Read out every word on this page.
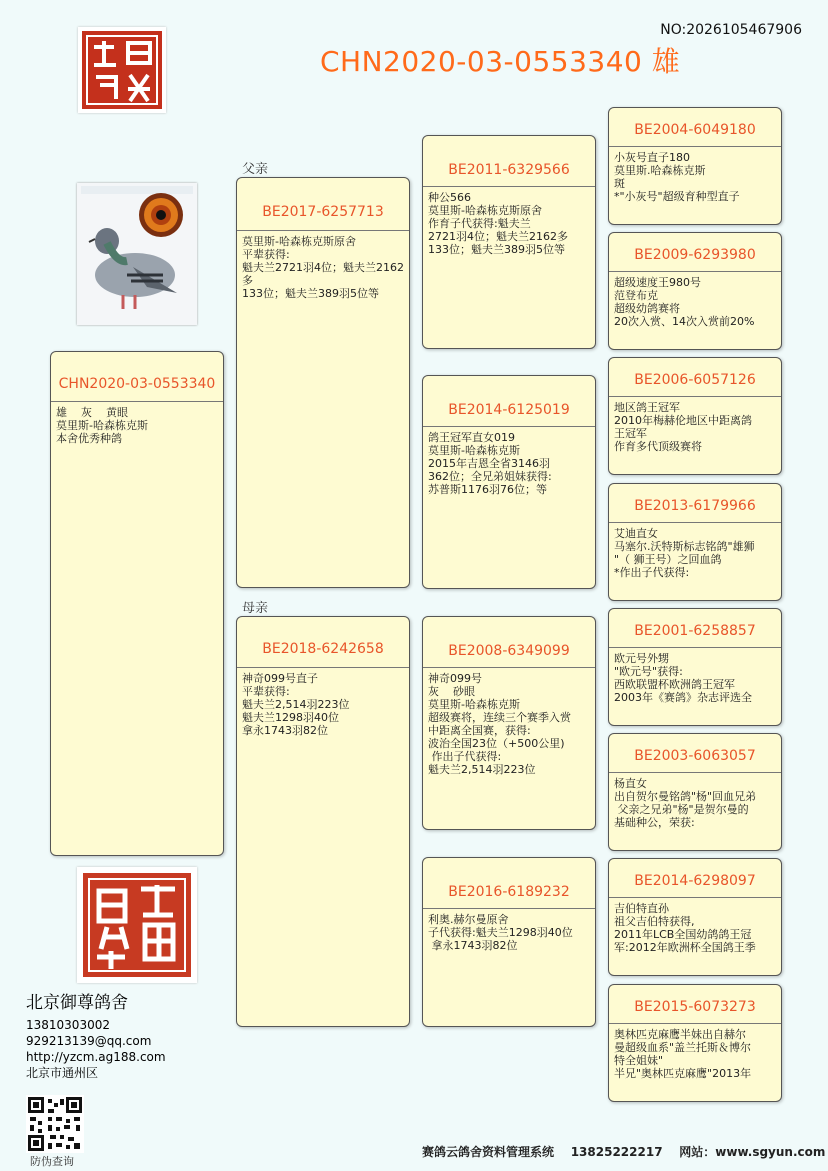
NO:2026105467906
CHN2020-03-0553340 雄
父亲
母亲
CHN2020-03-0553340
雄    灰    黄眼
莫里斯-哈森栋克斯
本舍优秀种鸽
BE2017-6257713
莫里斯-哈森栋克斯原舍
平辈获得:
魁夫兰2721羽4位；魁夫兰2162多
133位；魁夫兰389羽5位等
BE2018-6242658
神奇099号直子
平辈获得:
魁夫兰2,514羽223位
魁夫兰1298羽40位
拿永1743羽82位
BE2011-6329566
种公566
莫里斯-哈森栋克斯原舍
作育子代获得:魁夫兰
2721羽4位；魁夫兰2162多
133位；魁夫兰389羽5位等
BE2014-6125019
鸽王冠军直女019
莫里斯-哈森栋克斯
2015年吉恩全省3146羽
362位；全兄弟姐妹获得:
苏普斯1176羽76位；等
BE2008-6349099
神奇099号
灰    砂眼
莫里斯-哈森栋克斯
超级赛将，连续三个赛季入赏
中距离全国赛，获得:
波治全国23位（+500公里)
作出子代获得:
魁夫兰2,514羽223位
BE2016-6189232
利奥.赫尔曼原舍
子代获得:魁夫兰1298羽40位
拿永1743羽82位
BE2004-6049180
小灰号直子180
莫里斯.哈森栋克斯
斑
*"小灰号"超级育种型直子
BE2009-6293980
超级速度王980号
范登布克
超级幼鸽赛将
20次入赏、14次入赏前20%
BE2006-6057126
地区鸽王冠军
2010年梅赫伦地区中距离鸽
王冠军
作育多代顶级赛将
BE2013-6179966
艾迪直女
马塞尔.沃特斯标志铭鸽"雄狮
"（ 狮王号）之回血鸽
*作出子代获得:
BE2001-6258857
欧元号外甥
"欧元号"获得:
西欧联盟杯欧洲鸽王冠军
2003年《赛鸽》杂志评选全
BE2003-6063057
杨直女
出自贺尔曼铭鸽"杨"回血兄弟
父亲之兄弟"杨"是贺尔曼的
基础种公，荣获:
BE2014-6298097
吉伯特直孙
祖父吉伯特获得,
2011年LCB全国幼鸽鸽王冠
军:2012年欧洲杯全国鸽王季
BE2015-6073273
奥林匹克麻鹰半妹出自赫尔
曼超级血系"盖兰托斯＆博尔
特全姐妹"
半兄"奥林匹克麻鹰"2013年
北京御尊鸽舍
13810303002
929213139@qq.com
http://yzcm.ag188.com
北京市通州区
防伪查询
赛鸽云鸽舍资料管理系统    13825222217    网站：www.sgyun.com
